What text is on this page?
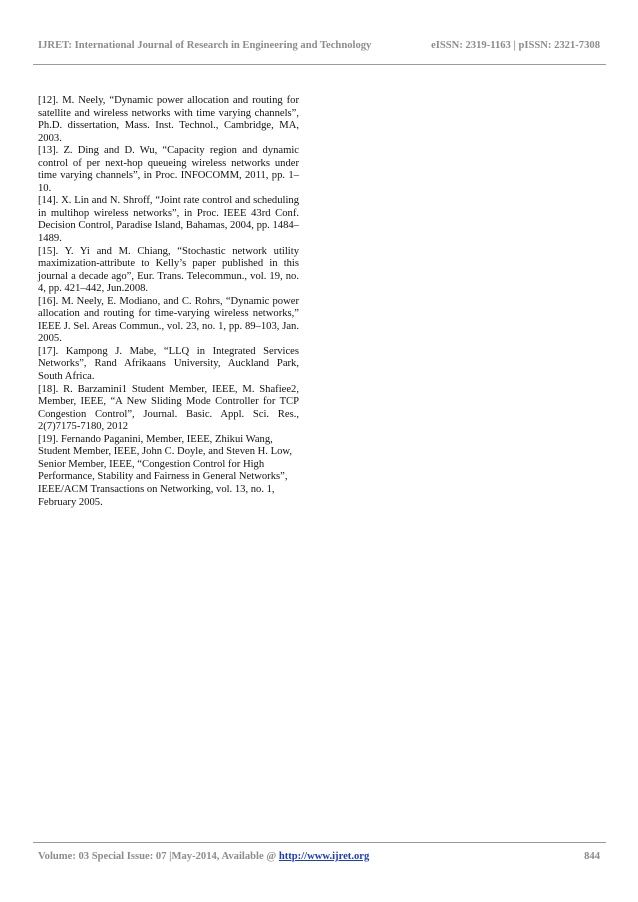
IJRET: International Journal of Research in Engineering and Technology	eISSN: 2319-1163 | pISSN: 2321-7308

[12]. M. Neely, “Dynamic power allocation and routing for satellite and wireless networks with time varying channels”, Ph.D. dissertation, Mass. Inst. Technol., Cambridge, MA, 2003.

[13]. Z. Ding and D. Wu, “Capacity region and dynamic control of per next-hop queueing wireless networks under time varying channels”, in Proc. INFOCOMM, 2011, pp. 1–10.

[14]. X. Lin and N. Shroff, “Joint rate control and scheduling in multihop wireless networks”, in Proc. IEEE 43rd Conf. Decision Control, Paradise Island, Bahamas, 2004, pp. 1484–1489.

[15]. Y. Yi and M. Chiang, “Stochastic network utility maximization-attribute to Kelly’s paper published in this journal a decade ago”, Eur. Trans. Telecommun., vol. 19, no. 4, pp. 421–442, Jun.2008.

[16]. M. Neely, E. Modiano, and C. Rohrs, “Dynamic power allocation and routing for time-varying wireless networks,” IEEE J. Sel. Areas Commun., vol. 23, no. 1, pp. 89–103, Jan. 2005.

[17]. Kampong J. Mabe, “LLQ in Integrated Services Networks”, Rand Afrikaans University, Auckland Park, South Africa.

[18]. R. Barzamini1 Student Member, IEEE, M. Shafiee2, Member, IEEE, “A New Sliding Mode Controller for TCP Congestion Control”, Journal. Basic. Appl. Sci. Res., 2(7)7175-7180, 2012

[19]. Fernando Paganini, Member, IEEE, Zhikui Wang, Student Member, IEEE, John C. Doyle, and Steven H. Low, Senior Member, IEEE, “Congestion Control for High Performance, Stability and Fairness in General Networks”, IEEE/ACM Transactions on Networking, vol. 13, no. 1, February 2005.

Volume: 03 Special Issue: 07 |May-2014, Available @ http://www.ijret.org	844
